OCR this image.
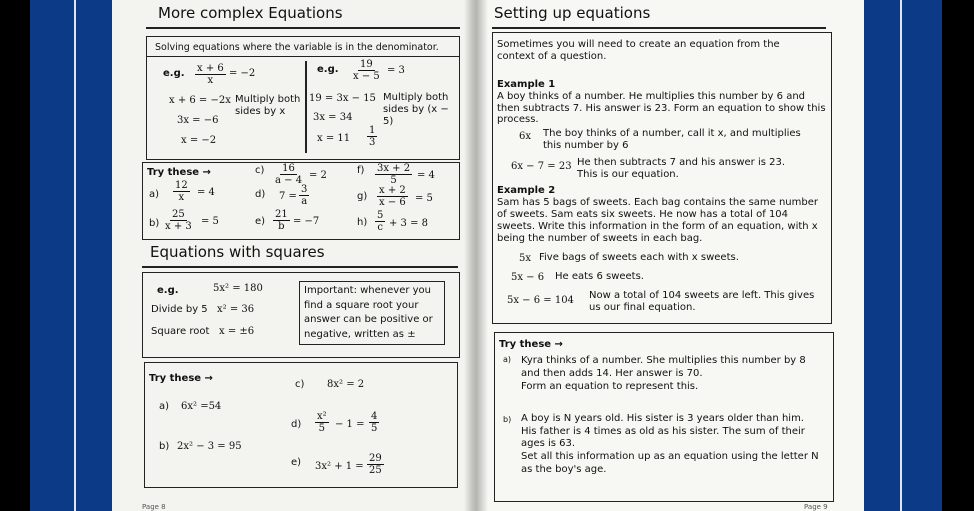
More complex Equations
Solving equations where the variable is in the denominator.
e.g. $\frac{x + 6}{x} = -2$
x + 6 = −2x Multiply both sides by x
3x = −6
x = −2
e.g. $\frac{19}{x - 5} = 3$
19 = 3x − 15 Multiply both sides by (x − 5)
3x = 34
$x = 11 \frac{1}{3}$
Try these →
$a) \frac{12}{x} = 4$
$b) \frac{25}{x + 3} = 5$
$c) \frac{16}{a - 4} = 2$
d) $7 = \frac{3}{a}$
$e) \frac{21}{b} = -7$
$f) \frac{3x + 2}{5} = 4$
$g) \frac{x + 2}{x - 6} = 5$
$h) \frac{5}{c} + 3 = 8$
Equations with squares
e.g.	5x² = 180
Divide by 5 x² = 36
Square root x = ±6
Important: whenever you find a square root your answer can be positive or negative, written as ±
Try these →
a) 6x² =54
b) 2x² − 3 = 95
c) 8x² = 2
$d) \frac{\text{x²}}{5} - 1 = \frac{4}{5}$
e) $3x^2 + 1 = \frac{29}{25}$
Page 8
Setting up equations
Sometimes you will need to create an equation from the context of a question.
Example 1
A boy thinks of a number. He multiplies this number by 6 and then subtracts 7. His answer is 23. Form an equation to show this process.
6x The boy thinks of a number, call it x, and multiplies this number by 6
6x − 7 = 23 He then subtracts 7 and his answer is 23. This is our equation.
Example 2
Sam has 5 bags of sweets. Each bag contains the same number of sweets. Sam eats six sweets. He now has a total of 104 sweets. Write this information in the form of an equation, with x being the number of sweets in each bag.
5x Five bags of sweets each with x sweets.
5x − 6 He eats 6 sweets.
5x − 6 = 104 Now a total of 104 sweets are left. This gives us our final equation.
Try these →
a) Kyra thinks of a number. She multiplies this number by 8 and then adds 14. Her answer is 70.
Form an equation to represent this.
b) A boy is N years old. His sister is 3 years older than him. His father is 4 times as old as his sister. The sum of their ages is 63.
Set all this information up as an equation using the letter N as the boy's age.
Page 9
